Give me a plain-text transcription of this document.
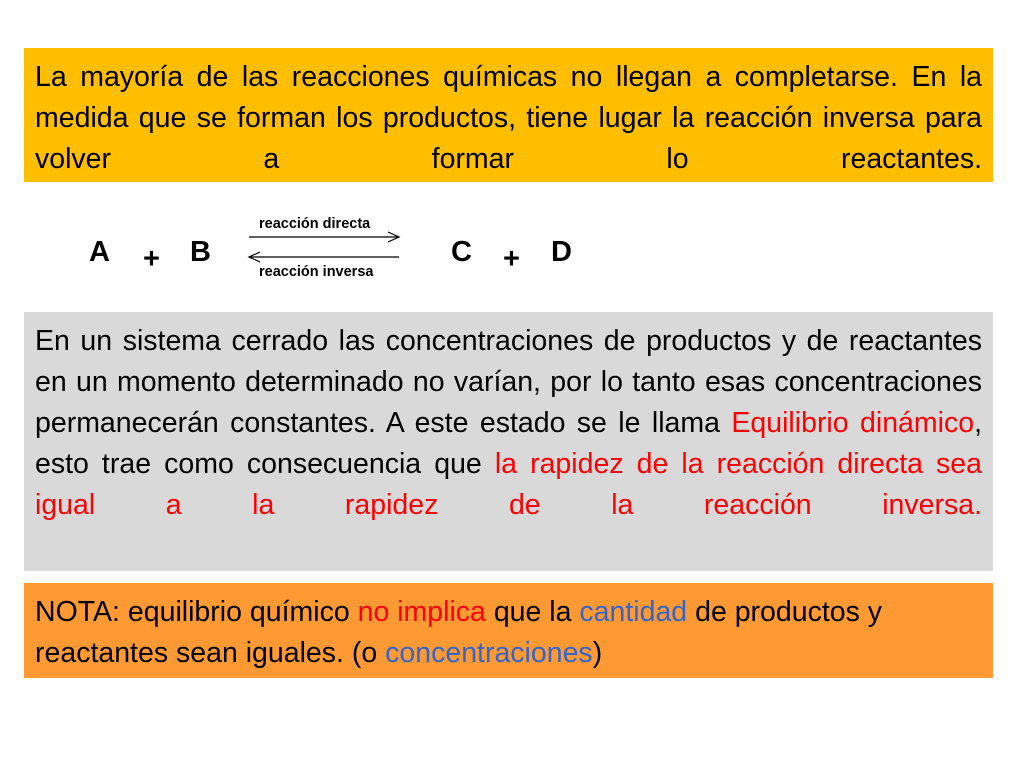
La mayoría de las reacciones químicas no llegan a completarse. En la medida que se forman los productos, tiene lugar la reacción inversa para volver a formar lo reactantes.
A + B
reacción directa
reacción inversa
C + D
En un sistema cerrado las concentraciones de productos y de reactantes en un momento determinado no varían, por lo tanto esas concentraciones permanecerán constantes. A este estado se le llama Equilibrio dinámico, esto trae como consecuencia que la rapidez de la reacción directa sea igual a la rapidez de la reacción inversa.
NOTA: equilibrio químico no implica que la cantidad de productos y reactantes sean iguales. (o concentraciones)
